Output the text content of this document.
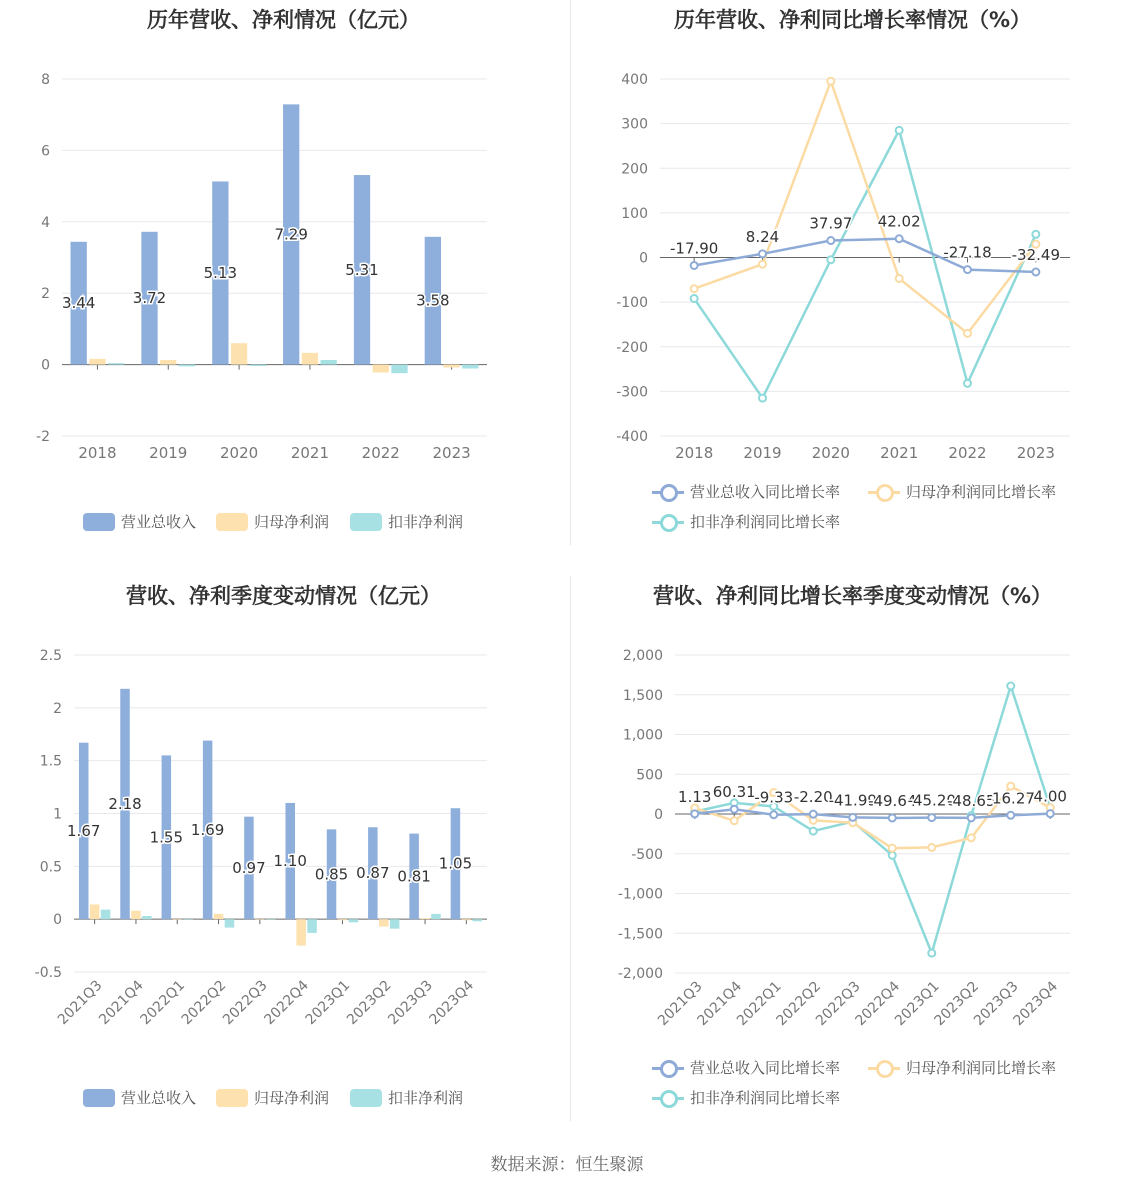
历年营收、净利情况（亿元）
8
6
4
2
0
-2
2018 2019 2020 2021 2022 2023
3.44 3.72
5.13
7.29
5.31
3.58
营业总收入	归母净利润	扣非净利润
历年营收、净利同比增长率情况（%）
400
300
200
100
0
-100
-200
-300
-400
2018 2019 2020 2021 2022 2023
-17.90
8.24
37.97 42.02
-27.18 -32.49
营业总收入同比增长率	归母净利润同比增长率
扣非净利润同比增长率
营收、净利季度变动情况（亿元）
2.5
2
1.5
1
0.5
0
-0.5
2021Q3
2021Q4
2022Q1
2022Q2
2022Q3
2022Q4
2023Q1
2023Q2
2023Q3
2023Q4
1.67
2.18
1.55 1.69
0.97 1.10
0.85 0.87 0.81
1.05
营业总收入	归母净利润	扣非净利润
营收、净利同比增长率季度变动情况（%）
2,000
1,500
1,000
500
0
-500
-1,000
-1,500
-2,000
2021Q3
2021Q4
2022Q1
2022Q2
2022Q3
2022Q4
2023Q1
2023Q2
2023Q3
2023Q4
1.13 60.31
-9.33 -2.20
-41.99
-49.64
-45.20
-48.65
-16.27
4.00
营业总收入同比增长率	归母净利润同比增长率
扣非净利润同比增长率
数据来源：恒生聚源
